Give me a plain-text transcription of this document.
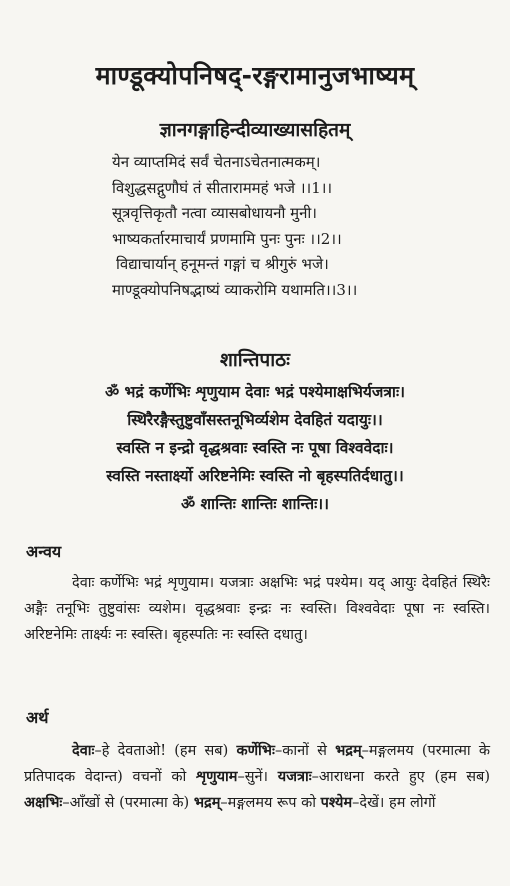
माण्डूक्योपनिषद्-रङ्गरामानुजभाष्यम्
ज्ञानगङ्गाहिन्दीव्याख्यासहितम्
येन व्याप्तमिदं सर्वं चेतनाऽचेतनात्मकम्।
विशुद्धसद्गुणौघं तं सीताराममहं भजे ।।1।।
सूत्रवृत्तिकृतौ नत्वा व्यासबोधायनौ मुनी।
भाष्यकर्तारमाचार्यं प्रणमामि पुनः पुनः ।।2।।
विद्याचार्यान् हनूमन्तं गङ्गां च श्रीगुरुं भजे।
माण्डूक्योपनिषद्भाष्यं व्याकरोमि यथामति।।3।।
शान्तिपाठः
ॐ भद्रं कर्णेभिः शृणुयाम देवाः भद्रं पश्येमाक्षभिर्यजत्राः।
स्थिरैरङ्गैस्तुष्टुवाँसस्तनूभिर्व्यशेम देवहितं यदायुः।।
स्वस्ति न इन्द्रो वृद्धश्रवाः स्वस्ति नः पूषा विश्ववेदाः।
स्वस्ति नस्तार्क्ष्यो अरिष्टनेमिः स्वस्ति नो बृहस्पतिर्दधातु।।
ॐ शान्तिः शान्तिः शान्तिः।।
अन्वय
देवाः कर्णेभिः भद्रं शृणुयाम। यजत्राः अक्षभिः भद्रं पश्येम। यद् आयुः देवहितं स्थिरैः अङ्गैः तनूभिः तुष्टुवांसः व्यशेम। वृद्धश्रवाः इन्द्रः नः स्वस्ति। विश्ववेदाः पूषा नः स्वस्ति। अरिष्टनेमिः तार्क्ष्यः नः स्वस्ति। बृहस्पतिः नः स्वस्ति दधातु।
अर्थ
देवाः–हे देवताओ! (हम सब) कर्णेभिः–कानों से भद्रम्–मङ्गलमय (परमात्मा के प्रतिपादक वेदान्त) वचनों को शृणुयाम–सुनें। यजत्राः–आराधना करते हुए (हम सब) अक्षभिः–आँखों से (परमात्मा के) भद्रम्–मङ्गलमय रूप को पश्येम–देखें। हम लोगों
